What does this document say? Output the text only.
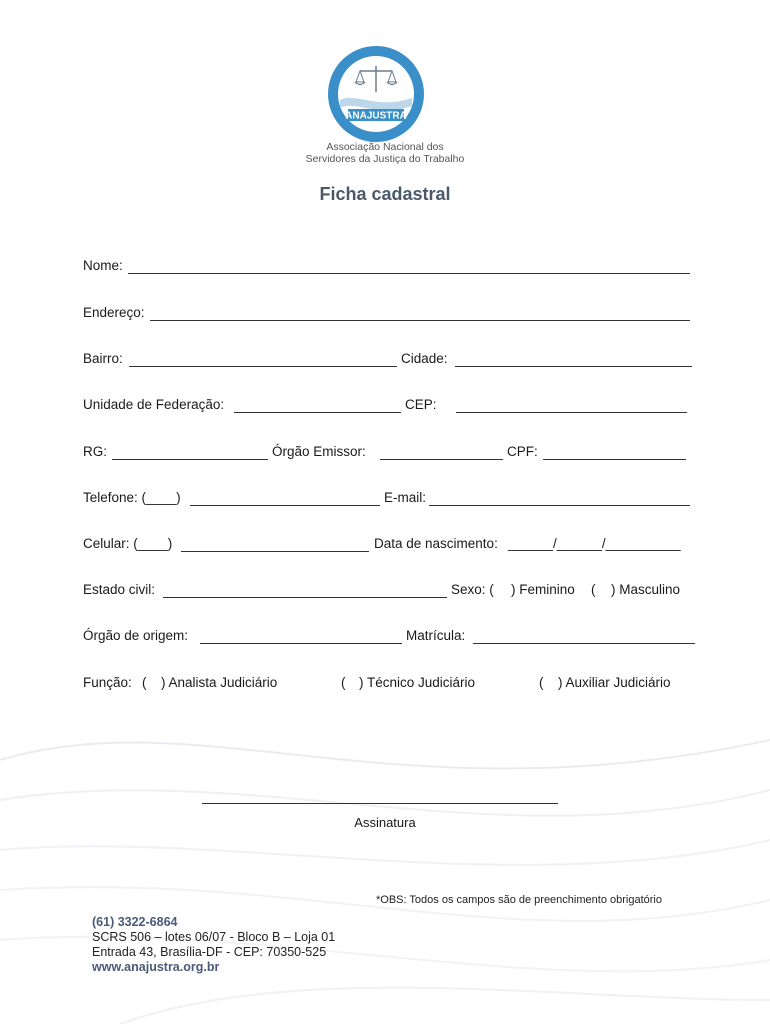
ANAJUSTRA
Associação Nacional dos
Servidores da Justiça do Trabalho
Ficha cadastral
Nome:
Endereço:
Bairro:	Cidade:
Unidade de Federação:	CEP:
RG:	Órgão Emissor:	CPF:
Telefone: (____)	E-mail:
Celular: (____)	Data de nascimento: ______/______/__________
Estado civil:	Sexo: ( ) Feminino ( ) Masculino
Órgão de origem:	Matrícula:
Função: ( ) Analista Judiciário	( ) Técnico Judiciário	( ) Auxiliar Judiciário
Assinatura
*OBS: Todos os campos são de preenchimento obrigatório
(61) 3322-6864
SCRS 506 – lotes 06/07 - Bloco B – Loja 01
Entrada 43, Brasília-DF - CEP: 70350-525
www.anajustra.org.br
